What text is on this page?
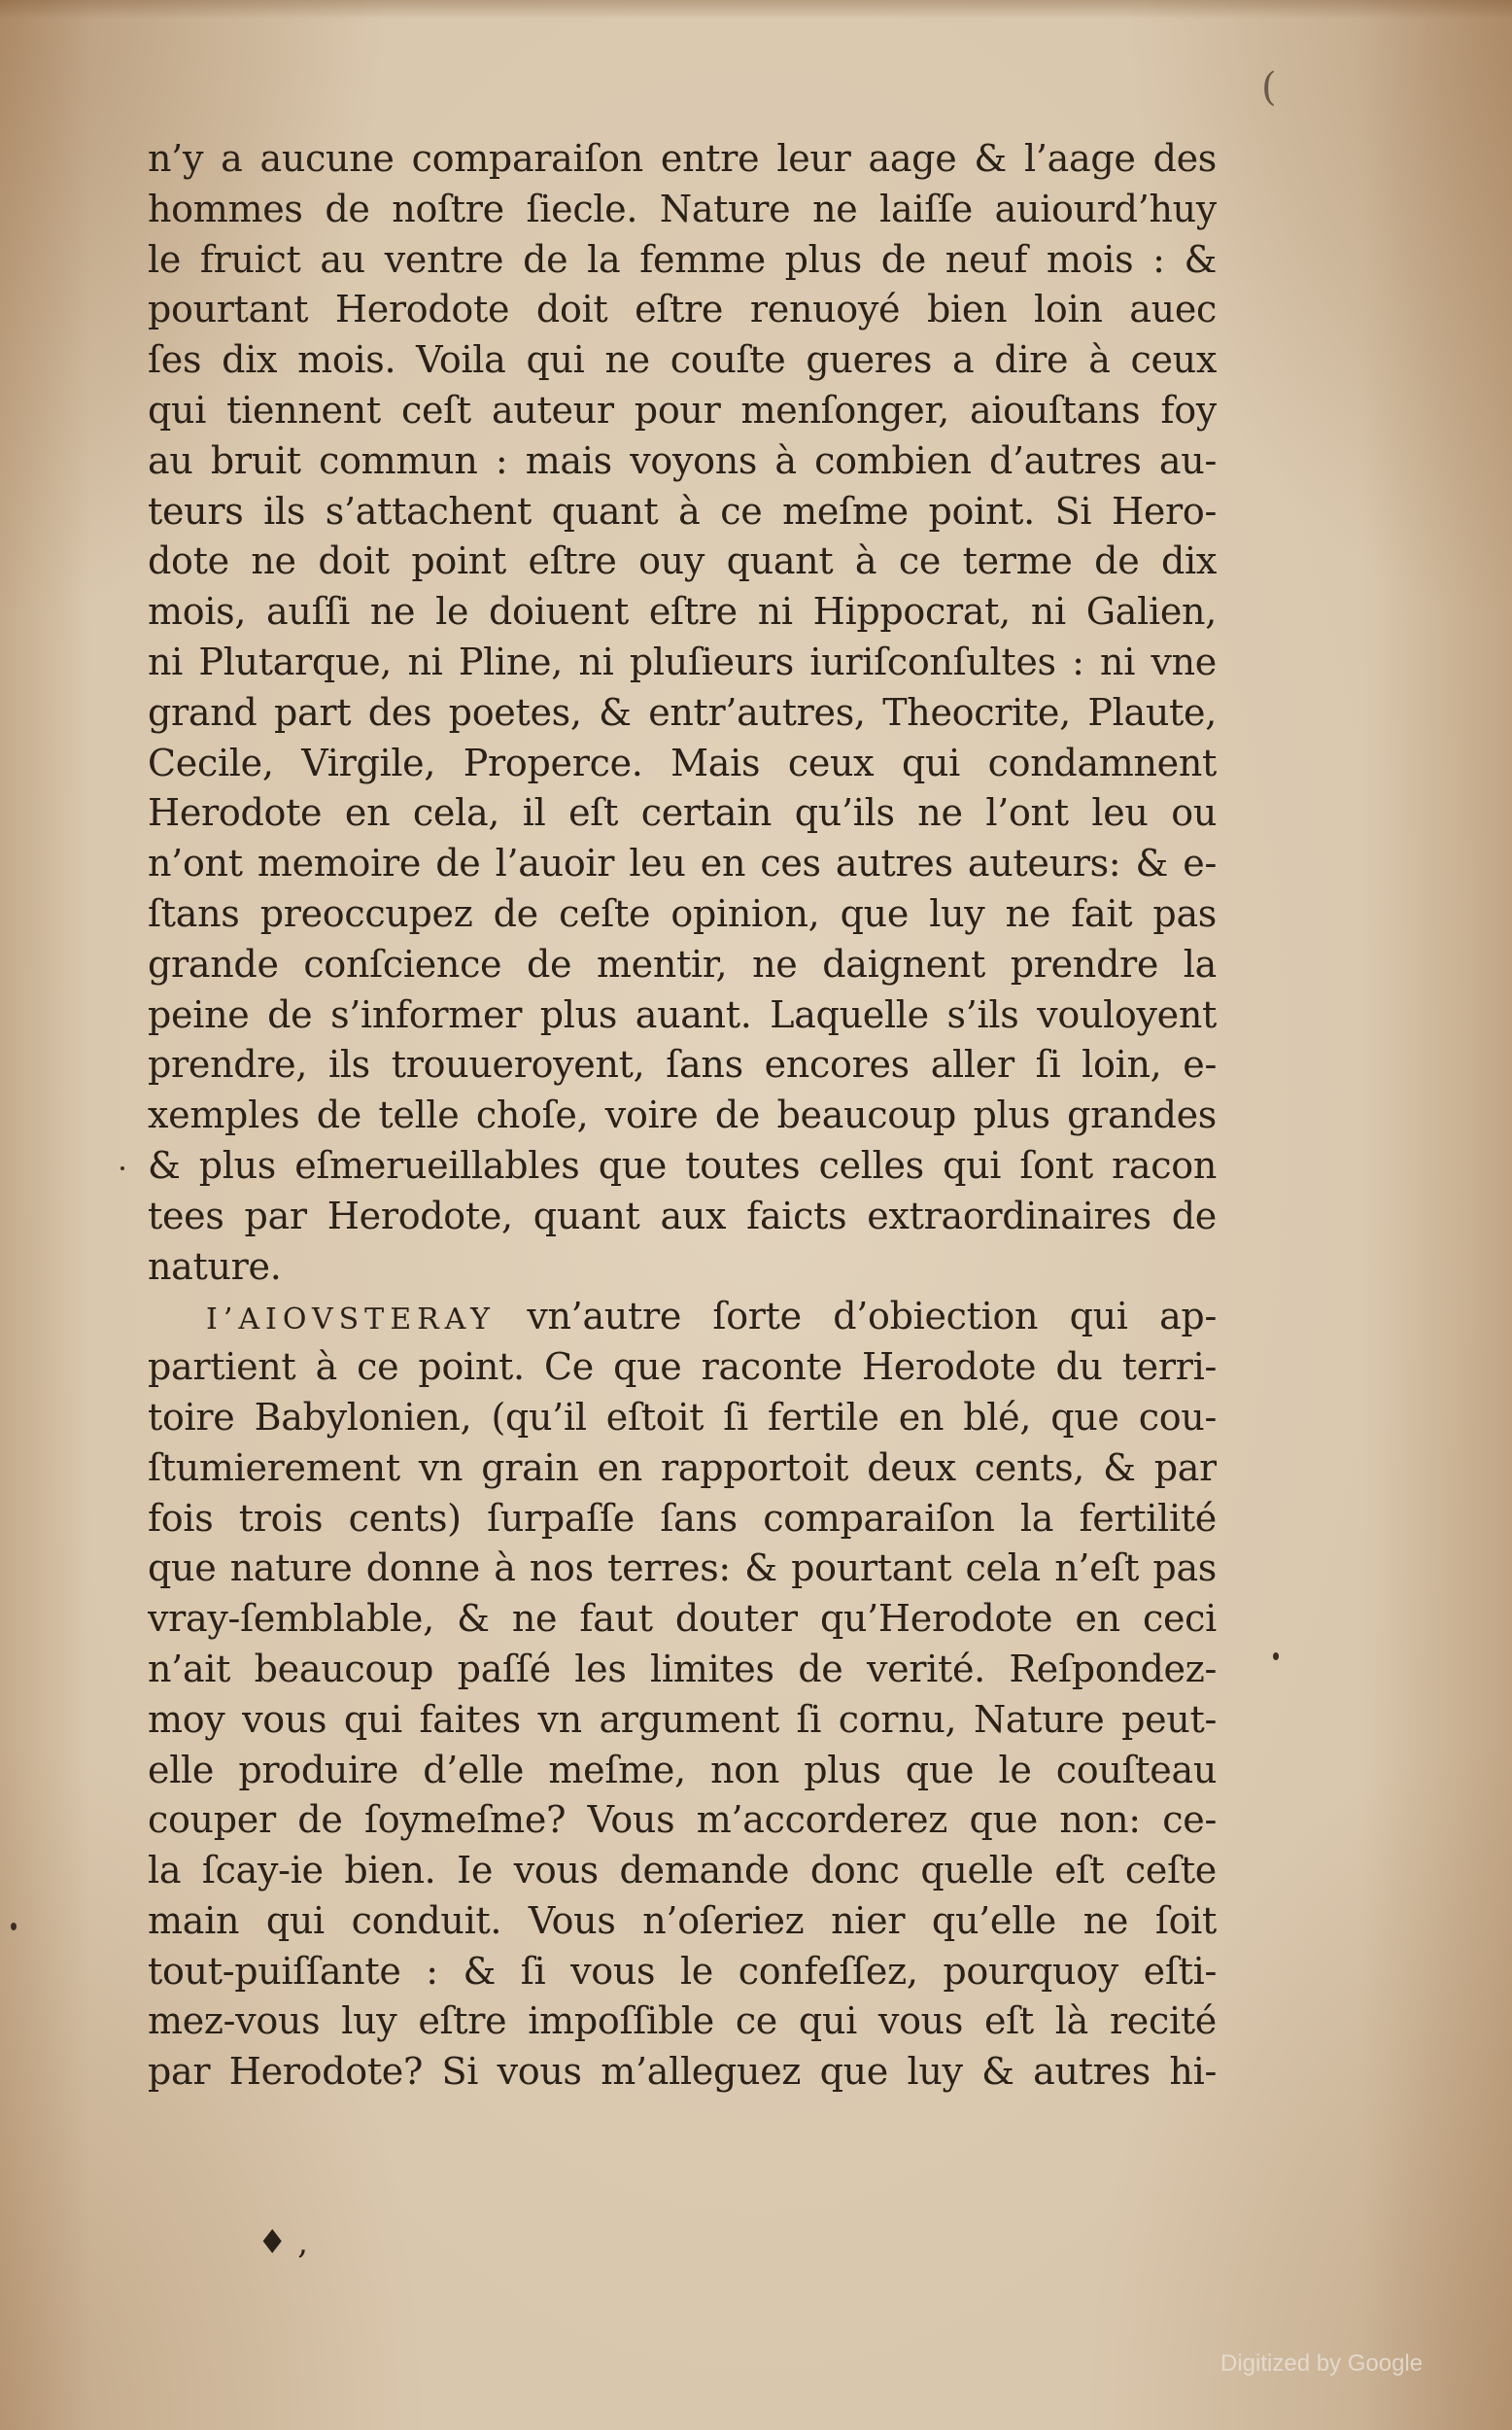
(
n’y a aucune comparaiſon entre leur aage & l’aage des
hommes de noſtre ſiecle. Nature ne laiſſe auiourd’huy
le fruict au ventre de la femme plus de neuf mois : &
pourtant Herodote doit eſtre renuoyé bien loin auec
ſes dix mois. Voila qui ne couſte gueres a dire à ceux
qui tiennent ceſt auteur pour menſonger, aiouſtans foy
au bruit commun : mais voyons à combien d’autres au-
teurs ils s’attachent quant à ce meſme point. Si Hero-
dote ne doit point eſtre ouy quant à ce terme de dix
mois, auſſi ne le doiuent eſtre ni Hippocrat, ni Galien,
ni Plutarque, ni Pline, ni pluſieurs iuriſconſultes : ni vne
grand part des poetes, & entr’autres, Theocrite, Plaute,
Cecile, Virgile, Properce. Mais ceux qui condamnent
Herodote en cela, il eſt certain qu’ils ne l’ont leu ou
n’ont memoire de l’auoir leu en ces autres auteurs: & e-
ſtans preoccupez de ceſte opinion, que luy ne fait pas
grande conſcience de mentir, ne daignent prendre la
peine de s’informer plus auant. Laquelle s’ils vouloyent
prendre, ils trouueroyent, ſans encores aller ſi loin, e-
xemples de telle choſe, voire de beaucoup plus grandes
& plus eſmerueillables que toutes celles qui ſont racon
tees par Herodote, quant aux faicts extraordinaires de
nature.
I’AIOVSTERAY vn’autre ſorte d’obiection qui ap-
partient à ce point. Ce que raconte Herodote du terri-
toire Babylonien, (qu’il eſtoit ſi fertile en blé, que cou-
ſtumierement vn grain en rapportoit deux cents, & par
fois trois cents) ſurpaſſe ſans comparaiſon la fertilité
que nature donne à nos terres: & pourtant cela n’eſt pas
vray-ſemblable, & ne faut douter qu’Herodote en ceci
n’ait beaucoup paſſé les limites de verité. Reſpondez-
moy vous qui faites vn argument ſi cornu, Nature peut-
elle produire d’elle meſme, non plus que le couſteau
couper de ſoymeſme? Vous m’accorderez que non: ce-
la ſcay-ie bien. Ie vous demande donc quelle eſt ceſte
main qui conduit. Vous n’oſeriez nier qu’elle ne ſoit
tout-puiſſante : & ſi vous le confeſſez, pourquoy eſti-
mez-vous luy eſtre impoſſible ce qui vous eſt là recité
par Herodote? Si vous m’alleguez que luy & autres hi-
♦ ,
Digitized by Google
